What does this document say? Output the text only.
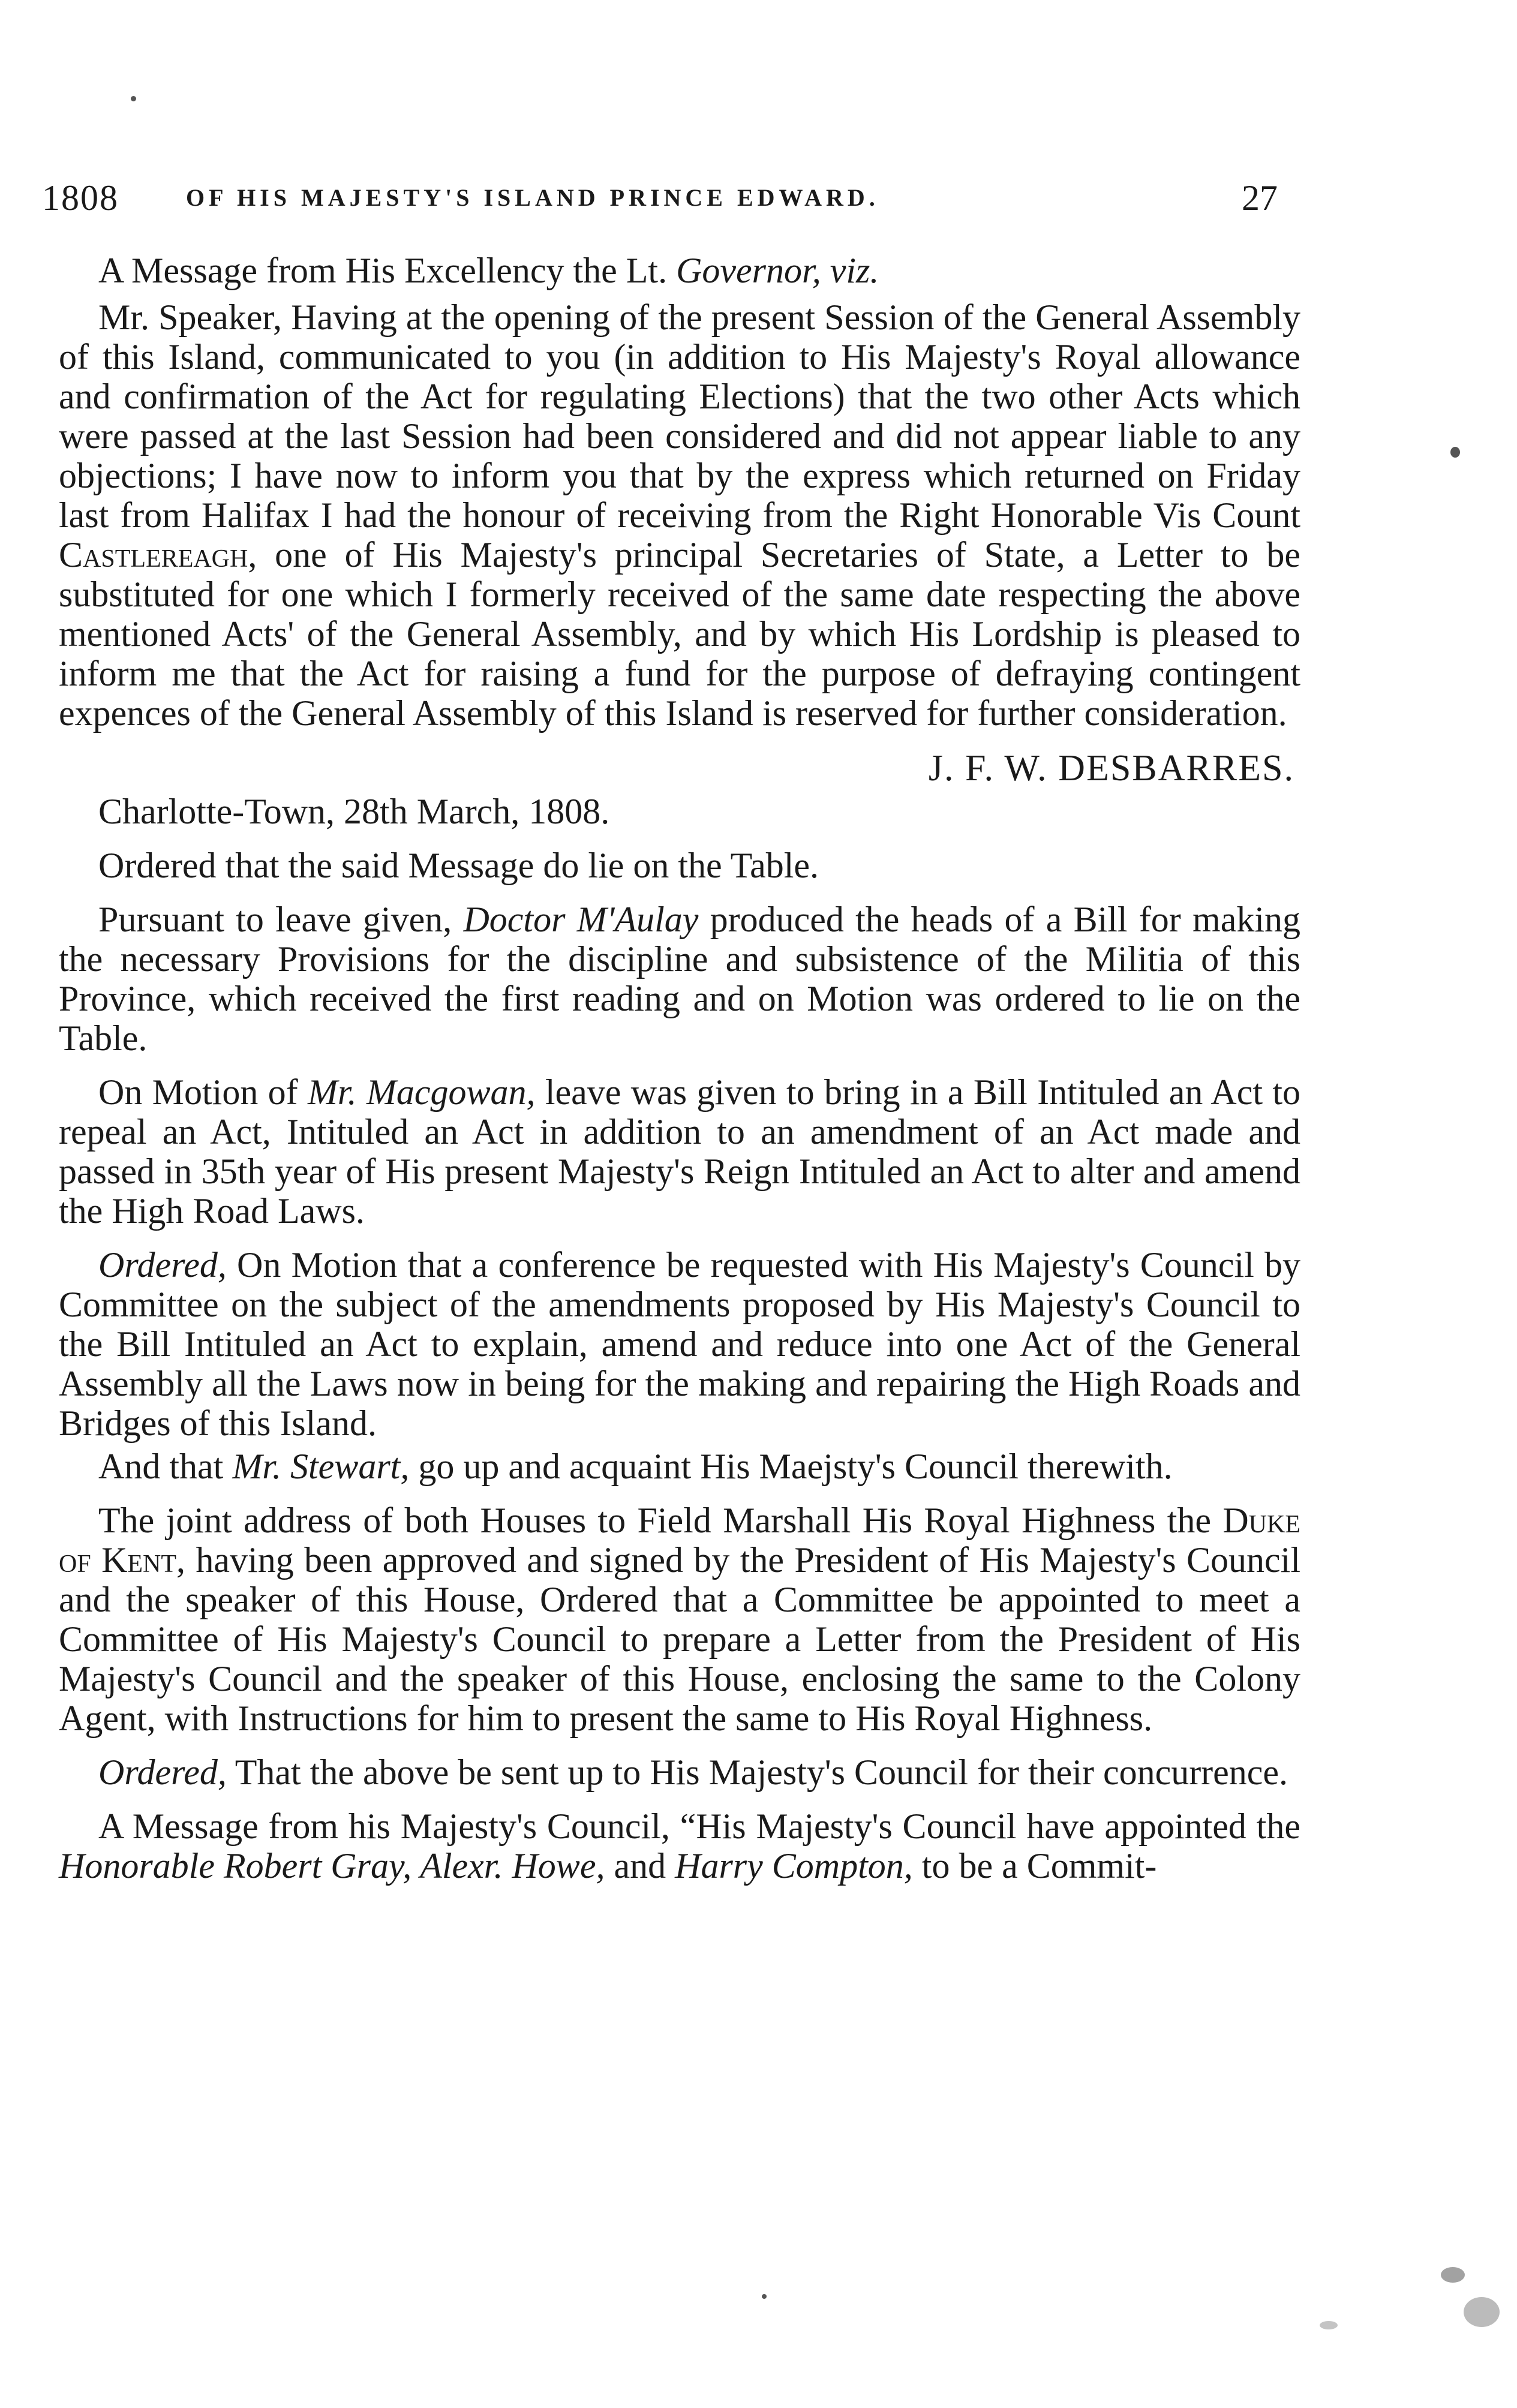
1808	OF HIS MAJESTY'S ISLAND PRINCE EDWARD.	27

A Message from His Excellency the Lt. Governor, viz.

Mr. Speaker, Having at the opening of the present Session of the General Assembly of this Island, communicated to you (in addition to His Majesty's Royal allowance and confirmation of the Act for regulating Elections) that the two other Acts which were passed at the last Session had been considered and did not appear liable to any objections; I have now to inform you that by the express which returned on Friday last from Halifax I had the honour of receiving from the Right Honorable Vis Count Castlereagh, one of His Majesty's principal Secretaries of State, a Letter to be substituted for one which I formerly received of the same date respecting the above mentioned Acts' of the General Assembly, and by which His Lordship is pleased to inform me that the Act for raising a fund for the purpose of defraying contingent expences of the General Assembly of this Island is reserved for further consideration.

J. F. W. DESBARRES.

Charlotte-Town, 28th March, 1808.

Ordered that the said Message do lie on the Table.

Pursuant to leave given, Doctor M'Aulay produced the heads of a Bill for making the necessary Provisions for the discipline and subsistence of the Militia of this Province, which received the first reading and on Motion was ordered to lie on the Table.

On Motion of Mr. Macgowan, leave was given to bring in a Bill Intituled an Act to repeal an Act, Intituled an Act in addition to an amendment of an Act made and passed in 35th year of His present Majesty's Reign Intituled an Act to alter and amend the High Road Laws.

Ordered, On Motion that a conference be requested with His Majesty's Council by Committee on the subject of the amendments proposed by His Majesty's Council to the Bill Intituled an Act to explain, amend and reduce into one Act of the General Assembly all the Laws now in being for the making and repairing the High Roads and Bridges of this Island.

And that Mr. Stewart, go up and acquaint His Maejsty's Council therewith.

The joint address of both Houses to Field Marshall His Royal Highness the Duke of Kent, having been approved and signed by the President of His Majesty's Council and the speaker of this House, Ordered that a Committee be appointed to meet a Committee of His Majesty's Council to prepare a Letter from the President of His Majesty's Council and the speaker of this House, enclosing the same to the Colony Agent, with Instructions for him to present the same to His Royal Highness.

Ordered, That the above be sent up to His Majesty's Council for their concurrence.

A Message from his Majesty's Council, “His Majesty's Council have appointed the Honorable Robert Gray, Alexr. Howe, and Harry Compton, to be a Commit-
